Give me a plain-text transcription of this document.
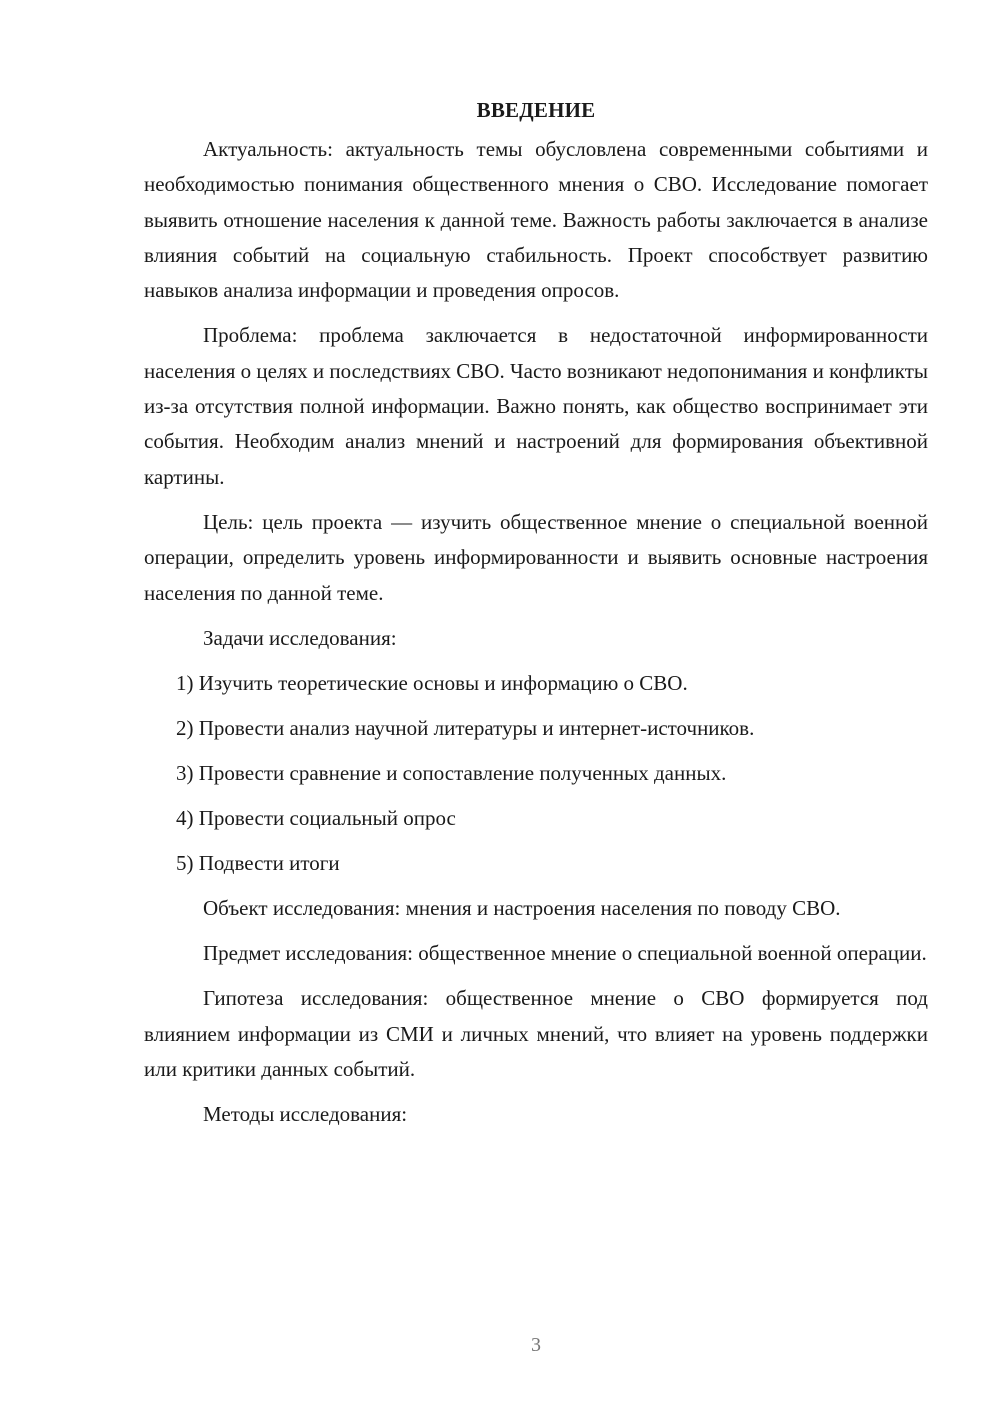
ВВЕДЕНИЕ

Актуальность: актуальность темы обусловлена современными событиями и необходимостью понимания общественного мнения о СВО. Исследование помогает выявить отношение населения к данной теме. Важность работы заключается в анализе влияния событий на социальную стабильность. Проект способствует развитию навыков анализа информации и проведения опросов.

Проблема: проблема заключается в недостаточной информированности населения о целях и последствиях СВО. Часто возникают недопонимания и конфликты из-за отсутствия полной информации. Важно понять, как общество воспринимает эти события. Необходим анализ мнений и настроений для формирования объективной картины.

Цель: цель проекта — изучить общественное мнение о специальной военной операции, определить уровень информированности и выявить основные настроения населения по данной теме.

Задачи исследования:

1) Изучить теоретические основы и информацию о СВО.

2) Провести анализ научной литературы и интернет-источников.

3) Провести сравнение и сопоставление полученных данных.

4) Провести социальный опрос

5) Подвести итоги

Объект исследования: мнения и настроения населения по поводу СВО.

Предмет исследования: общественное мнение о специальной военной операции.

Гипотеза исследования: общественное мнение о СВО формируется под влиянием информации из СМИ и личных мнений, что влияет на уровень поддержки или критики данных событий.

Методы исследования:

3
